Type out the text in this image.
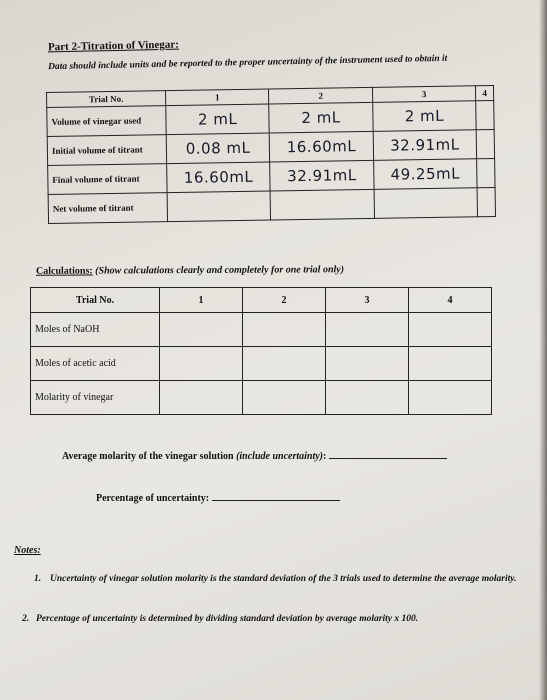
Part 2-Titration of Vinegar:
Data should include units and be reported to the proper uncertainty of the instrument used to obtain it
Trial No.	1	2	3	4
Volume of vinegar used	2 mL	2 mL	2 mL	
Initial volume of titrant	0.08 mL	16.60mL	32.91mL	
Final volume of titrant	16.60mL	32.91mL	49.25mL	
Net volume of titrant				
Calculations: (Show calculations clearly and completely for one trial only)
Trial No.	1	2	3	4
Moles of NaOH				
Moles of acetic acid				
Molarity of vinegar				
Average molarity of the vinegar solution (include uncertainty):
Percentage of uncertainty:
Notes:
1. Uncertainty of vinegar solution molarity is the standard deviation of the 3 trials used to determine the average molarity.
2. Percentage of uncertainty is determined by dividing standard deviation by average molarity x 100.
